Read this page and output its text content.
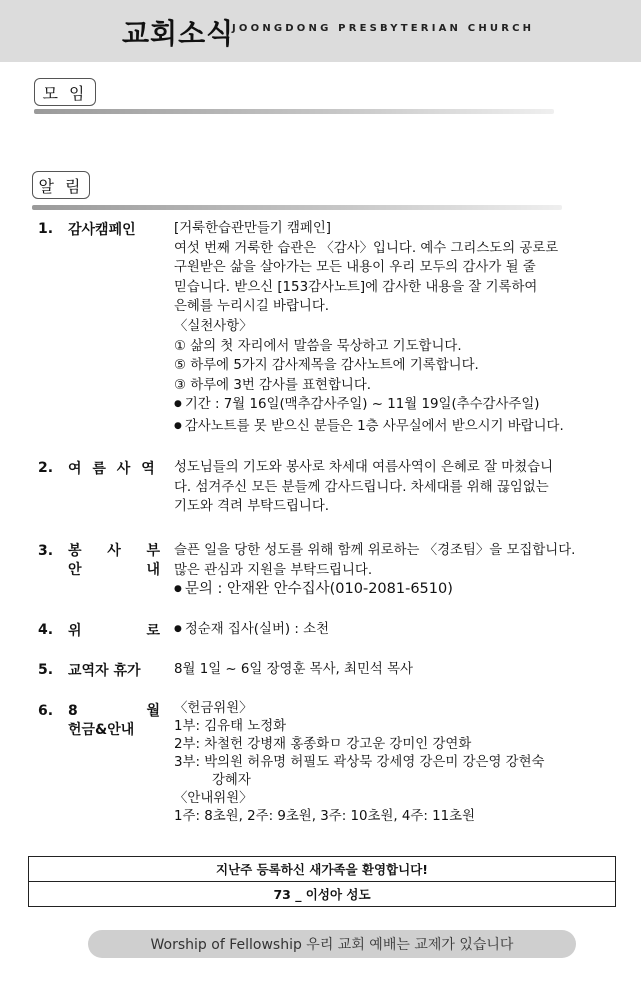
교회소식
JOONGDONG PRESBYTERIAN CHURCH
모 임
알 림
1. 감사캠페인	[거룩한습관만들기 캠페인]

여섯 번째 거룩한 습관은 〈감사〉입니다. 예수 그리스도의 공로로

구원받은 삶을 살아가는 모든 내용이 우리 모두의 감사가 될 줄

믿습니다. 받으신 [153감사노트]에 감사한 내용을 잘 기록하여

은혜를 누리시길 바랍니다.

〈실천사항〉

① 삶의 첫 자리에서 말씀을 묵상하고 기도합니다.

⑤ 하루에 5가지 감사제목을 감사노트에 기록합니다.

③ 하루에 3번 감사를 표현합니다.

● 기간 : 7월 16일(맥추감사주일) ~ 11월 19일(추수감사주일)

● 감사노트를 못 받으신 분들은 1층 사무실에서 받으시기 바랍니다.

2. 여 름 사 역 성도님들의 기도와 봉사로 차세대 여름사역이 은혜로 잘 마쳤습니

다. 섬겨주신 모든 분들께 감사드립니다. 차세대를 위해 끊임없는

기도와 격려 부탁드립니다.

3. 봉 사 부
안	내

슬픈 일을 당한 성도를 위해 함께 위로하는 〈경조팀〉을 모집합니다.

많은 관심과 지원을 부탁드립니다.

● 문의 : 안재완 안수집사(010-2081-6510)

4. 위	로

●	정순재 집사(실버) : 소천

5. 교역자 휴가	8월 1일 ~ 6일 장영훈 목사, 최민석 목사

6. 8	월
헌금&안내

〈헌금위원〉

1부: 김유태 노정화

2부: 차철헌 강병재 홍종화ㅁ 강고운 강미인 강연화

3부: 박의원 허유명 허필도 곽상묵 강세영 강은미 강은영 강현숙

강혜자

〈안내위원〉

1주: 8초원, 2주: 9초원, 3주: 10초원, 4주: 11초원

지난주 등록하신 새가족을 환영합니다!
73 _ 이성아 성도
Worship of Fellowship 우리 교회 예배는 교제가 있습니다
